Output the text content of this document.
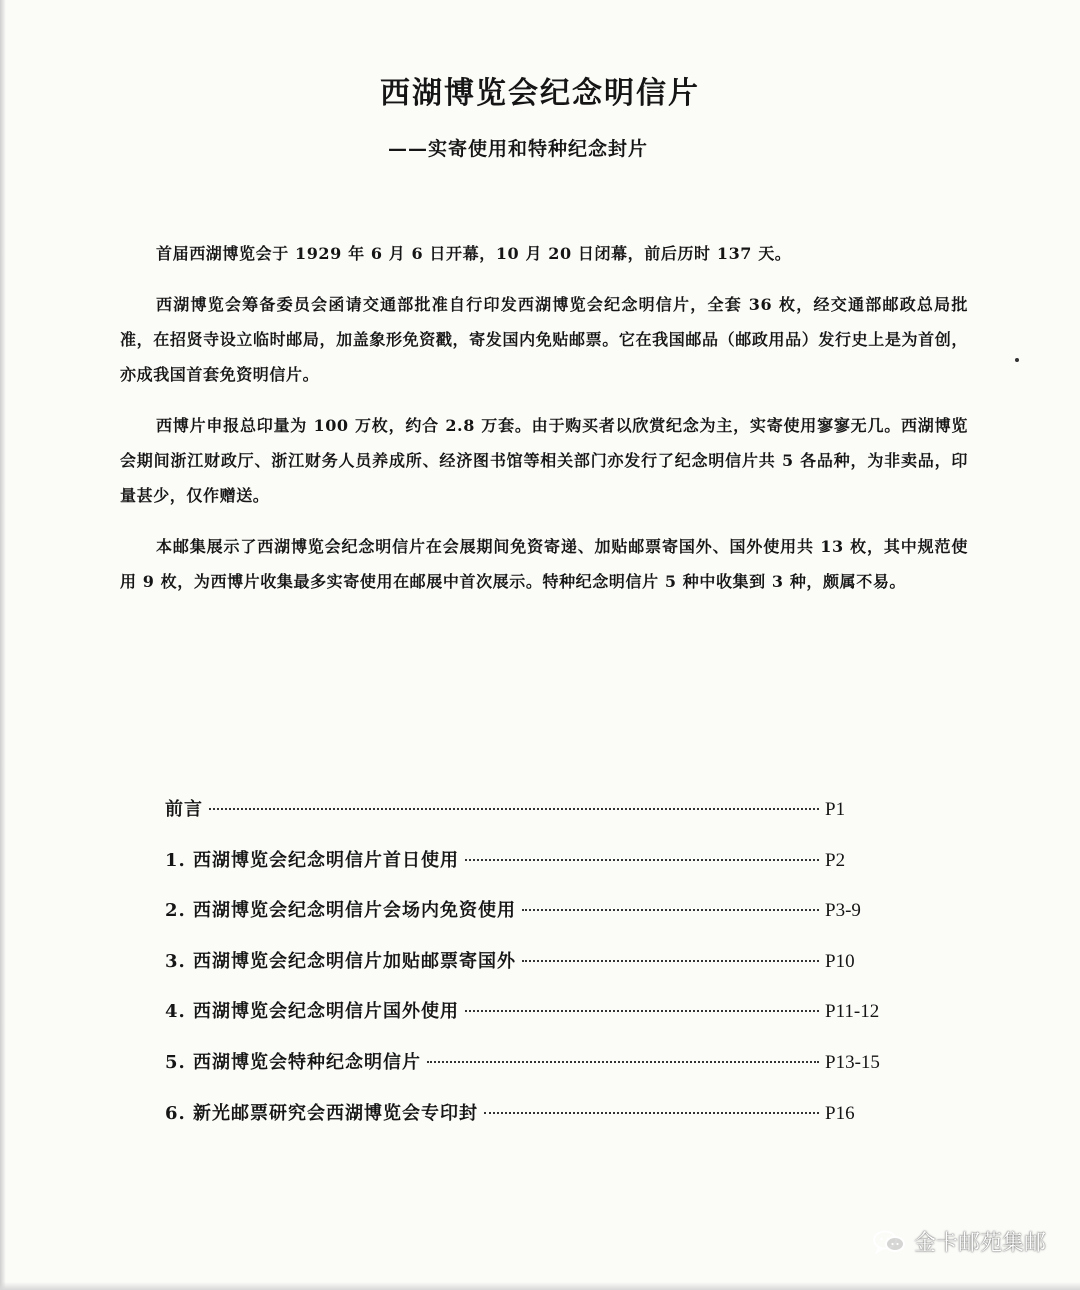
西湖博览会纪念明信片
——实寄使用和特种纪念封片

首届西湖博览会于 1929 年 6 月 6 日开幕，10 月 20 日闭幕，前后历时 137 天。

西湖博览会筹备委员会函请交通部批准自行印发西湖博览会纪念明信片，全套 36 枚，经交通部邮政总局批准，在招贤寺设立临时邮局，加盖象形免资戳，寄发国内免贴邮票。它在我国邮品（邮政用品）发行史上是为首创，亦成我国首套免资明信片。

西博片申报总印量为 100 万枚，约合 2.8 万套。由于购买者以欣赏纪念为主，实寄使用寥寥无几。西湖博览会期间浙江财政厅、浙江财务人员养成所、经济图书馆等相关部门亦发行了纪念明信片共 5 各品种，为非卖品，印量甚少，仅作赠送。

本邮集展示了西湖博览会纪念明信片在会展期间免资寄递、加贴邮票寄国外、国外使用共 13 枚，其中规范使用 9 枚，为西博片收集最多实寄使用在邮展中首次展示。特种纪念明信片 5 种中收集到 3 种，颇属不易。

前言	P1
1. 西湖博览会纪念明信片首日使用	P2
2. 西湖博览会纪念明信片会场内免资使用	P3-9
3. 西湖博览会纪念明信片加贴邮票寄国外	P10
4. 西湖博览会纪念明信片国外使用	P11-12
5. 西湖博览会特种纪念明信片	P13-15
6. 新光邮票研究会西湖博览会专印封	P16
金卡邮苑集邮
